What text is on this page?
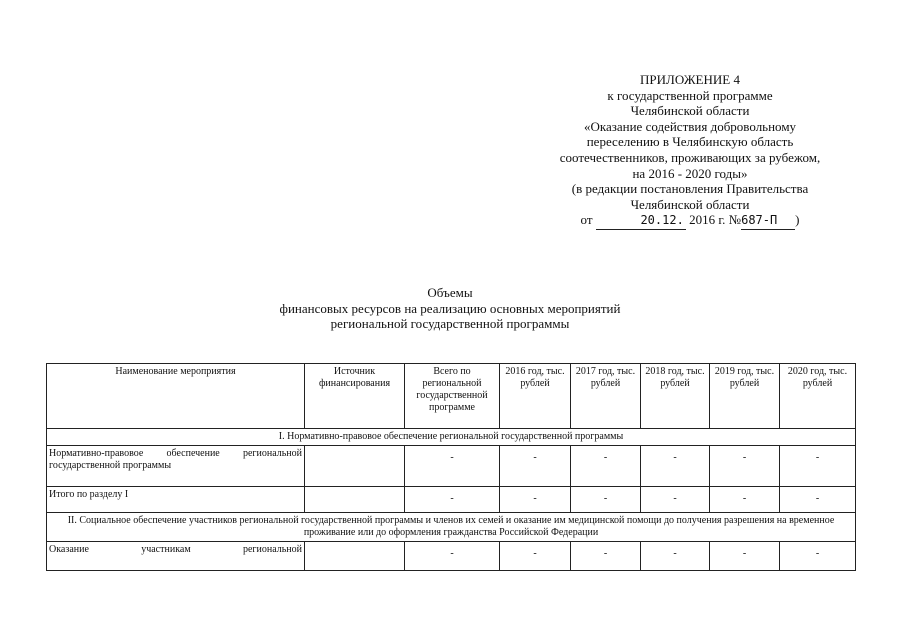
ПРИЛОЖЕНИЕ 4
к государственной программе
Челябинской области
«Оказание содействия добровольному
переселению в Челябинскую область
соотечественников, проживающих за рубежом,
на 2016 - 2020 годы»
(в редакции постановления Правительства
Челябинской области
от	20.12. 2016 г. №687-П )
Объемы
финансовых ресурсов на реализацию основных мероприятий
региональной государственной программы
Наименование мероприятия	Источник финансирования	Всего по региональной государственной программе	2016 год, тыс. рублей	2017 год, тыс. рублей	2018 год, тыс. рублей	2019 год, тыс. рублей	2020 год, тыс. рублей
I. Нормативно-правовое обеспечение региональной государственной программы							
Нормативно-правовое обеспечение региональной государственной программы		-	-	-	-	-	-
Итого по разделу I		-	-	-	-	-	-
II. Социальное обеспечение участников региональной государственной программы и членов их семей и оказание им медицинской помощи до получения разрешения на временное проживание или до оформления гражданства Российской Федерации							
Оказание участникам региональной		-	-	-	-	-	-
